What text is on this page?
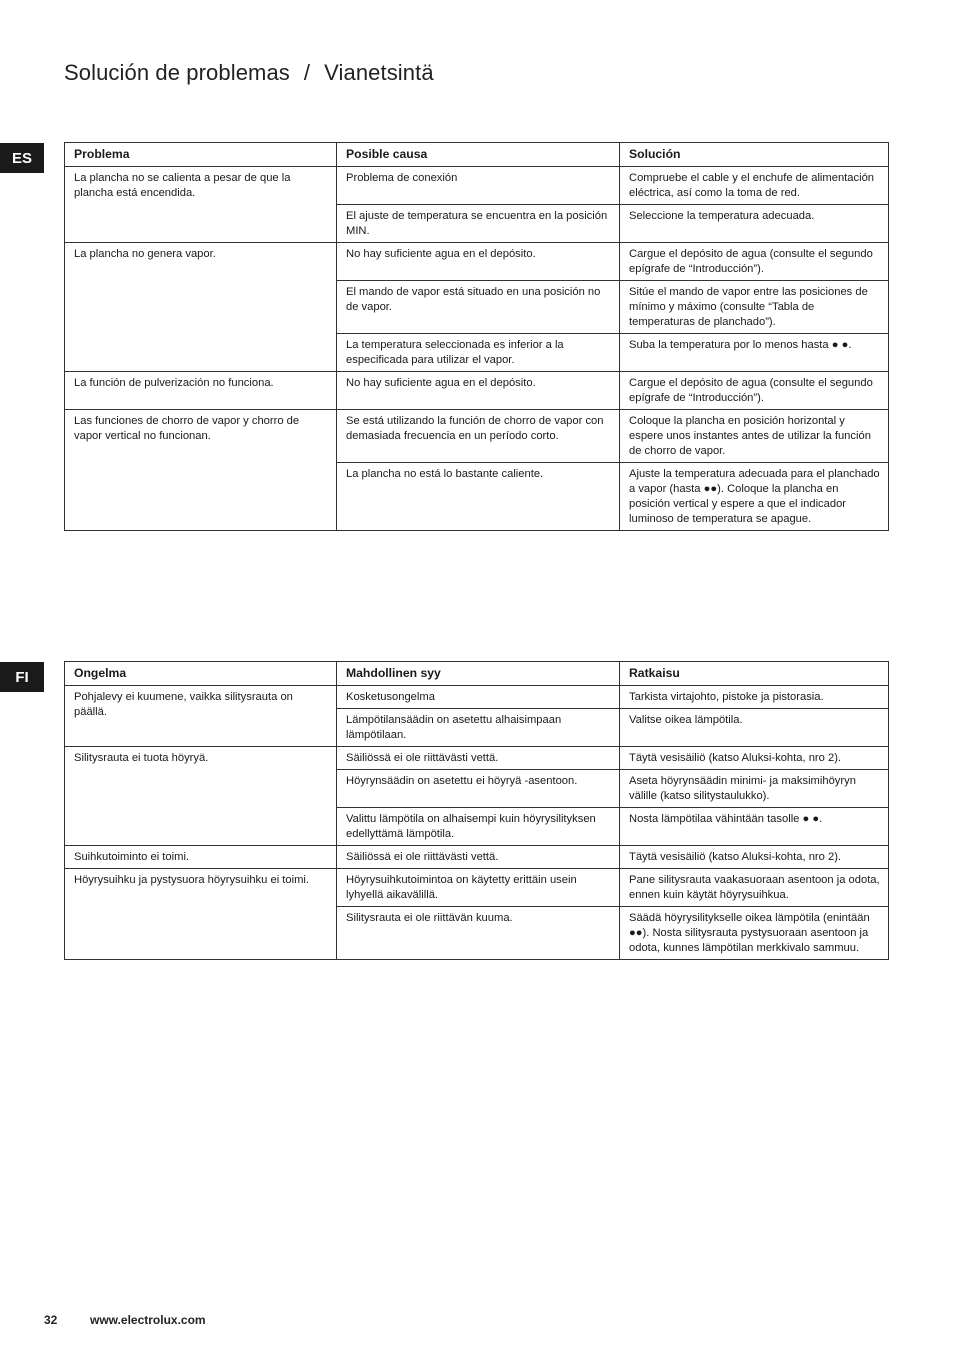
Solución de problemas / Vianetsintä
ES	Problema	Posible causa	Solución
La plancha no se calienta a pesar de que la plancha está encendida.	Problema de conexión	Compruebe el cable y el enchufe de alimentación eléctrica, así como la toma de red.
	El ajuste de temperatura se encuentra en la posición MIN.	Seleccione la temperatura adecuada.
La plancha no genera vapor.	No hay suficiente agua en el depósito.	Cargue el depósito de agua (consulte el segundo epígrafe de “Introducción”).
	El mando de vapor está situado en una posición no de vapor.	Sitúe el mando de vapor entre las posiciones de mínimo y máximo (consulte “Tabla de temperaturas de planchado”).
	La temperatura seleccionada es inferior a la especificada para utilizar el vapor.	Suba la temperatura por lo menos hasta ● ●.
La función de pulverización no funciona.	No hay suficiente agua en el depósito.	Cargue el depósito de agua (consulte el segundo epígrafe de “Introducción”).
Las funciones de chorro de vapor y chorro de vapor vertical no funcionan.	Se está utilizando la función de chorro de vapor con demasiada frecuencia en un período corto.	Coloque la plancha en posición horizontal y espere unos instantes antes de utilizar la función de chorro de vapor.
	La plancha no está lo bastante caliente.	Ajuste la temperatura adecuada para el planchado a vapor (hasta ●●). Coloque la plancha en posición vertical y espere a que el indicador luminoso de temperatura se apague.
FI	Ongelma	Mahdollinen syy	Ratkaisu
Pohjalevy ei kuumene, vaikka silitysrauta on päällä.	Kosketusongelma	Tarkista virtajohto, pistoke ja pistorasia.
	Lämpötilansäädin on asetettu alhaisimpaan lämpötilaan.	Valitse oikea lämpötila.
Silitysrauta ei tuota höyryä.	Säiliössä ei ole riittävästi vettä.	Täytä vesisäiliö (katso Aluksi-kohta, nro 2).
	Höyrynsäädin on asetettu ei höyryä -asentoon.	Aseta höyrynsäädin minimi- ja maksimihöyryn välille (katso silitystaulukko).
	Valittu lämpötila on alhaisempi kuin höyrysilityksen edellyttämä lämpötila.	Nosta lämpötilaa vähintään tasolle ● ●.
Suihkutoiminto ei toimi.	Säiliössä ei ole riittävästi vettä.	Täytä vesisäiliö (katso Aluksi-kohta, nro 2).
Höyrysuihku ja pystysuora höyrysuihku ei toimi.	Höyrysuihkutoimintoa on käytetty erittäin usein lyhyellä aikavälillä.	Pane silitysrauta vaakasuoraan asentoon ja odota, ennen kuin käytät höyrysuihkua.
	Silitysrauta ei ole riittävän kuuma.	Säädä höyrysilitykselle oikea lämpötila (enintään ●●). Nosta silitysrauta pystysuoraan asentoon ja odota, kunnes lämpötilan merkkivalo sammuu.
32	www.electrolux.com
